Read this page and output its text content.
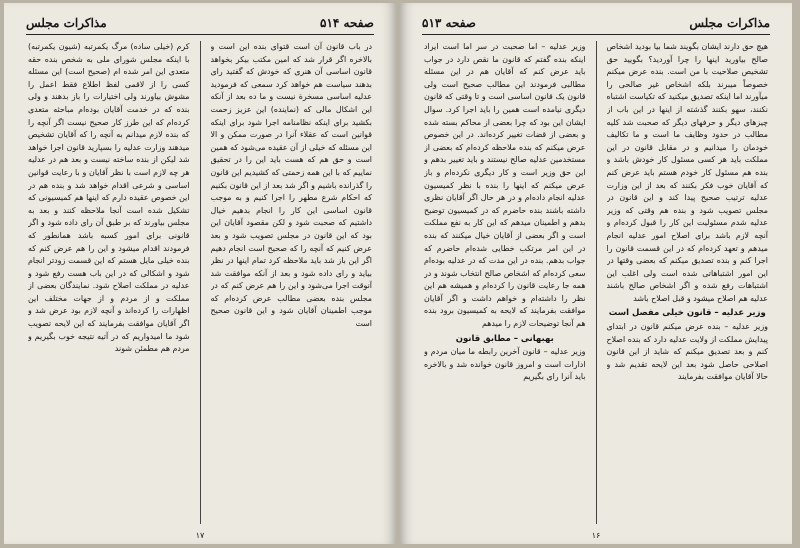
صفحه ۵۱۴
مذاکرات مجلس

در باب قانون آن است قتوای بنده این است و بالاخره اگر قرار شد که امین مکتب بیکر بخواهد قانون اساسی آن هنری که خودش که گفتید رای بدهند سیاست هم خواهد کرد سمعی که فرمودید عدلیه اساسی مسخرة نیست و ما ده بعد از آنکه این اشکال مالی که (نماینده) این عزیز زحمت بکشید برای اینکه نظامنامه اجرا شود برای اینکه قوانین است که عقلاء آنرا در صورت ممکن و الا این مسئله که خیلی از آن عقیده می‌شود که همین است و حق هم که هست باید این را در تحقیق نماییم که با این همه زحمتی که کشیدیم این قانون را گذرانده باشیم و اگر شد بعد از این قانون بکنیم که احکام شرع مطهر را اجرا کنیم و به موجب قانون اساسی این کار را انجام بدهیم خیال داشتیم که صحبت شود و لکن مقصود آقایان این بود که این قانون در مجلس تصویب شود و بعد عرض کنیم که آنچه را که صحیح است انجام دهیم اگر این باز شد باید ملاحظه کرد تمام اینها در نظر بیاید و رای داده شود و بعد از آنکه موافقت شد آنوقت اجرا می‌شود و این را هم عرض کنم که در مجلس بنده بعضی مطالب عرض کرده‌ام که موجب اطمینان آقایان شود و این قانون صحیح است

کرم (خیلی ساده) مرگ یکمرتبه (شیون یکمرتبه) با اینکه مجلس شورای ملی به شخص بنده حقه متعدی این امر شده ام (صحیح است) این مسئله کسی را از لاقمی لفظ اطلاع فقط اعمل را مشوش بیاورند ولی اختیارات را باز بدهند و ولی بنده که در خدمت آقایان بوده‌ام مباحثه متعدی کرده‌ام که این طرز کار صحیح نیست اگر آنچه را که بنده لازم میدانم به آنچه را که آقایان تشخیص میدهند وزارت عدلیه را بسپارید قانون اجرا خواهد شد لیکن از بنده ساخته نیست و بعد هم در عدلیه هر چه لازم است با نظر آقایان و با رعایت قوانین اساسی و شرعی اقدام خواهد شد و بنده هم در این خصوص عقیده دارم که اینها هم کمیسیونی که تشکیل شده است آنجا ملاحظه کنند و بعد به مجلس بیاورند که بر طبق آن رای داده شود و اگر قانونی برای امور کسبه باشد همانطور که فرمودند اقدام میشود و این را هم عرض کنم که بنده خیلی مایل هستم که این قسمت زودتر انجام شود و اشکالی که در این باب هست رفع شود و عدلیه در مملکت اصلاح شود. نمایندگان بعضی از مملکت و از مردم و از جهات مختلف این اظهارات را کرده‌اند و آنچه لازم بود عرض شد و اگر آقایان موافقت بفرمایند که این لایحه تصویب شود ما امیدواریم که در آتیه نتیجه خوب بگیریم و مردم هم مطمئن شوند

۱۷
مذاکرات مجلس
صفحه ۵۱۳

هیچ حق دارند ایشان بگویند شما بیا بودید اشخاص صالح بیاورید اینها را چرا آوردید؟ بگویید حق تشخیص صلاحیت با من است. بنده عرض میکنم خصوصاً میبرند بلکه اشخاص غیر صالحی را میآورند اما اینکه تصدیق میکنید که تکیاست اشتباه نکنند، سهو بکنند گذشته از اینها در این باب از چیزهای دیگر و حرفهای دیگر که صحبت شد کلیه مطالب در حدود وظایف ما است و ما تکالیف خودمان را میدانیم و در مقابل قانون در این مملکت باید هر کسی مسئول کار خودش باشد و بنده هم مسئول کار خودم هستم باید عرض کنم که آقایان خوب فکر بکنند که بعد از این وزارت عدلیه ترتیب صحیح پیدا کند و این قانون در مجلس تصویب شود و بنده هم وقتی که وزیر عدلیه شدم مسئولیت این کار را قبول کرده‌ام و آنچه لازم باشد برای اصلاح امور عدلیه انجام میدهم و تعهد کرده‌ام که در این قسمت قانون را اجرا کنم و بنده تصدیق میکنم که بعضی وقتها در این امور اشتباهاتی شده است ولی اغلب این اشتباهات رفع شده و اگر اشخاص صالح باشند عدلیه هم اصلاح میشود و قبل اصلاح باشد

وزیر عدلیه – قانون خیلی مفصل است

وزیر عدلیه – بنده عرض میکنم قانون در ابتدای پیدایش مملکت از ولایت عدلیه دارد که بنده اصلاح کنم و بعد تصدیق میکنم که شاید از این قانون اصلاحی حاصل شود بعد این لایحه تقدیم شد و حالا آقایان موافقت بفرمایند

وزیر عدلیه – اما صحبت در سر اما است ایراد اینکه بنده گفتم که قانون ما نقص دارد در جواب باید عرض کنم که آقایان هم در این مسئله مطالبی فرمودند این مطالب صحیح است ولی قانون یک قانون اساسی است و تا وقتی که قانون دیگری نیامده است همین را باید اجرا کرد. سوال ایشان این بود که چرا بعضی از محاکم بسته شده و بعضی از قضات تغییر کرده‌اند. در این خصوص عرض میکنم که بنده ملاحظه کرده‌ام که بعضی از مستخدمین عدلیه صالح نیستند و باید تغییر بدهم و این حق وزیر است و کار دیگری نکرده‌ام و باز عرض میکنم که اینها را بنده با نظر کمیسیون عدلیه انجام داده‌ام و در هر حال اگر آقایان نظری داشته باشند بنده حاضرم که در کمیسیون توضیح بدهم و اطمینان میدهم که این کار به نفع مملکت است و اگر بعضی از آقایان خیال میکنند که بنده در این امر مرتکب خطایی شده‌ام حاضرم که جواب بدهم. بنده در این مدت که در عدلیه بوده‌ام سعی کرده‌ام که اشخاص صالح انتخاب شوند و در همه جا رعایت قانون را کرده‌ام و همیشه هم این نظر را داشته‌ام و خواهم داشت و اگر آقایان موافقت بفرمایند که لایحه به کمیسیون برود بنده هم آنجا توضیحات لازم را میدهم

بهبهانی – مطابق قانون

وزیر عدلیه – قانون آخرین رابطه ما میان مردم و ادارات است و امروز قانون خوانده شد و بالاخره باید آنرا رای بگیریم

۱۶
